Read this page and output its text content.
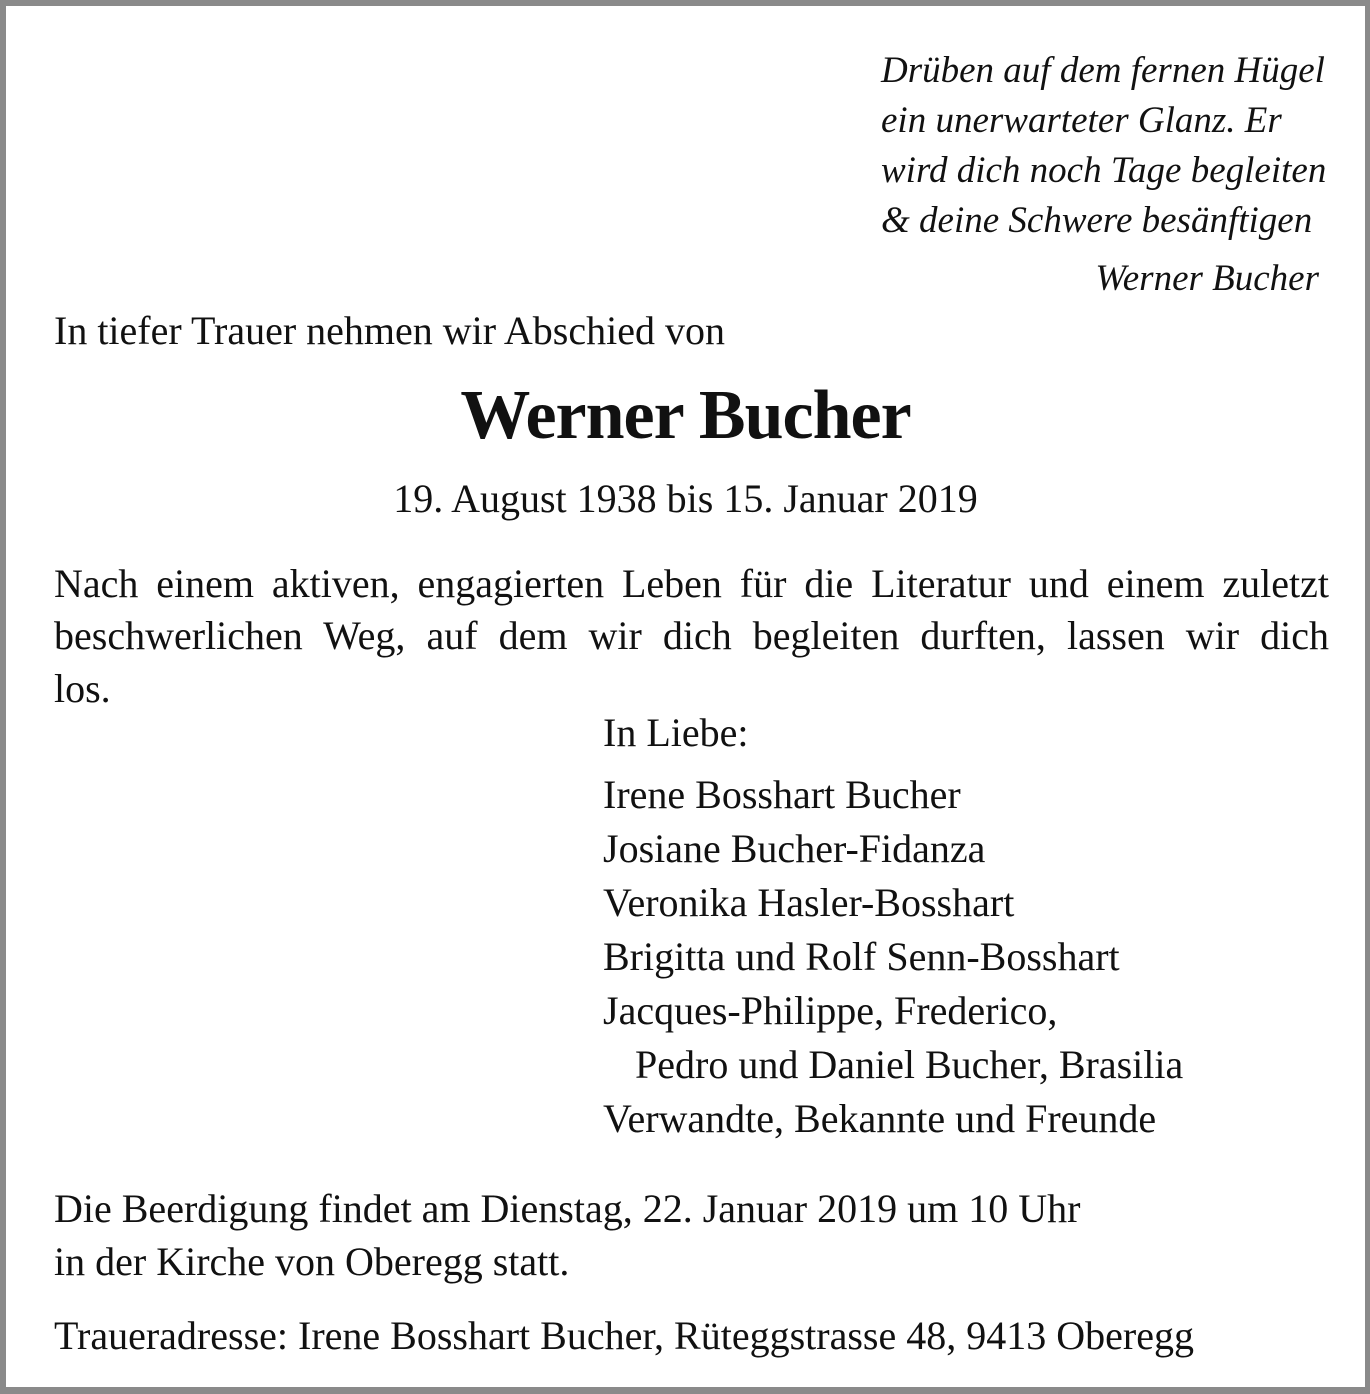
Drüben auf dem fernen Hügel
ein unerwarteter Glanz. Er
wird dich noch Tage begleiten
& deine Schwere besänftigen
Werner Bucher
In tiefer Trauer nehmen wir Abschied von
Werner Bucher
19. August 1938 bis 15. Januar 2019
Nach einem aktiven, engagierten Leben für die Literatur und einem zuletzt
beschwerlichen Weg, auf dem wir dich begleiten durften, lassen wir dich
los.
In Liebe:
Irene Bosshart Bucher
Josiane Bucher-Fidanza
Veronika Hasler-Bosshart
Brigitta und Rolf Senn-Bosshart
Jacques-Philippe, Frederico,
Pedro und Daniel Bucher, Brasilia
Verwandte, Bekannte und Freunde
Die Beerdigung findet am Dienstag, 22. Januar 2019 um 10 Uhr
in der Kirche von Oberegg statt.
Traueradresse: Irene Bosshart Bucher, Rüteggstrasse 48, 9413 Oberegg
